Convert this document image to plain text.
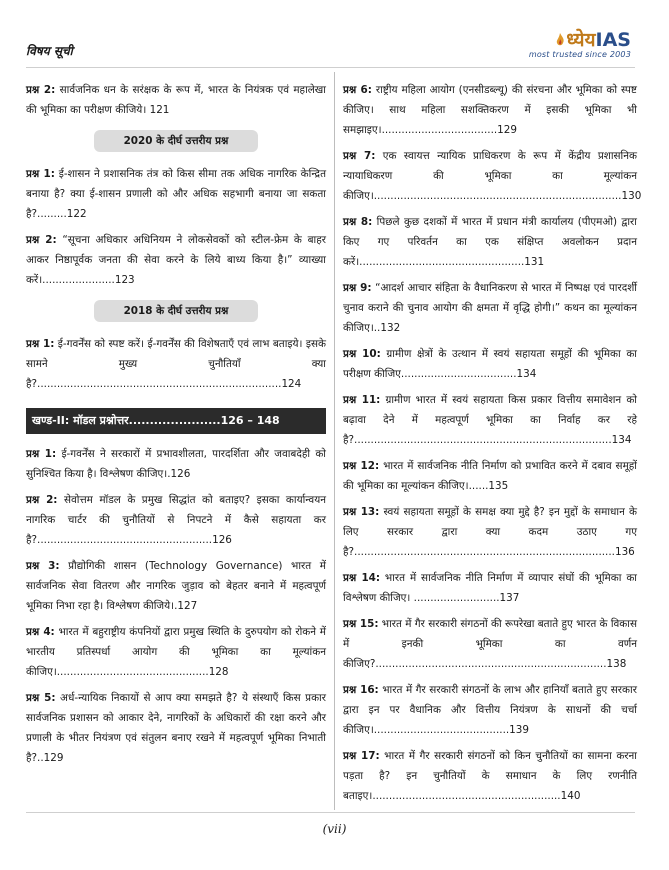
विषय सूची	ध्येयIAS
most trusted since 2003

प्रश्न 2: सार्वजनिक धन के सरंक्षक के रूप में, भारत के नियंत्रक एवं महालेखा की भूमिका का परीक्षण कीजिये। 121

2020 के दीर्घ उत्तरीय प्रश्न

प्रश्न 1: ई-शासन ने प्रशासनिक तंत्र को किस सीमा तक अधिक नागरिक केन्द्रित बनाया है? क्या ई-शासन प्रणाली को और अधिक सहभागी बनाया जा सकता है?.........122

प्रश्न 2: “सूचना अधिकार अधिनियम ने लोकसेवकों को स्टील-फ्रेम के बाहर आकर निष्ठापूर्वक जनता की सेवा करने के लिये बाध्य किया है।” व्याख्या करें।......................123

2018 के दीर्घ उत्तरीय प्रश्न

प्रश्न 1: ई-गवर्नेंस को स्पष्ट करें। ई-गवर्नेंस की विशेषताएँ एवं लाभ बताइये। इसके सामने मुख्य चुनौतियाँ क्या है?..........................................................................124

खण्ड-II: मॉडल प्रश्नोत्तर......................126 – 148

प्रश्न 1: ई-गवर्नेंस ने सरकारों में प्रभावशीलता, पारदर्शिता और जवाबदेही को सुनिश्चित किया है। विश्लेषण कीजिए।.126

प्रश्न 2: सेवोत्तम मॉडल के प्रमुख सिद्धांत को बताइए? इसका कार्यान्वयन नागरिक चार्टर की चुनौतियों से निपटने में कैसे सहायता कर है?.....................................................126

प्रश्न 3: प्रौद्योगिकी शासन (Technology Governance) भारत में सार्वजनिक सेवा वितरण और नागरिक जुड़ाव को बेहतर बनाने में महत्वपूर्ण भूमिका निभा रहा है। विश्लेषण कीजिये।.127

प्रश्न 4: भारत में बहुराष्ट्रीय कंपनियों द्वारा प्रमुख स्थिति के दुरुपयोग को रोकने में भारतीय प्रतिस्पर्धा आयोग की भूमिका का मूल्यांकन कीजिए।..............................................128

प्रश्न 5: अर्ध-न्यायिक निकायों से आप क्या समझते है? ये संस्थाएँ किस प्रकार सार्वजनिक प्रशासन को आकार देने, नागरिकों के अधिकारों की रक्षा करने और प्रणाली के भीतर नियंत्रण एवं संतुलन बनाए रखने में महत्वपूर्ण भूमिका निभाती है?..129

प्रश्न 6: राष्ट्रीय महिला आयोग (एनसीडब्ल्यू) की संरचना और भूमिका को स्पष्ट कीजिए। साथ महिला सशक्तिकरण में इसकी भूमिका भी समझाइए।...................................129

प्रश्न 7: एक स्वायत्त न्यायिक प्राधिकरण के रूप में केंद्रीय प्रशासनिक न्यायाधिकरण की भूमिका का मूल्यांकन कीजिए।...........................................................................130

प्रश्न 8: पिछले कुछ दशकों में भारत में प्रधान मंत्री कार्यालय (पीएमओ) द्वारा किए गए परिवर्तन का एक संक्षिप्त अवलोकन प्रदान करें।..................................................131

प्रश्न 9: “आदर्श आचार संहिता के वैधानिकरण से भारत में निष्पक्ष एवं पारदर्शी चुनाव कराने की चुनाव आयोग की क्षमता में वृद्धि होगी।” कथन का मूल्यांकन कीजिए।..132

प्रश्न 10: ग्रामीण क्षेत्रों के उत्थान में स्वयं सहायता समूहों की भूमिका का परीक्षण कीजिए...................................134

प्रश्न 11: ग्रामीण भारत में स्वयं सहायता किस प्रकार वित्तीय समावेशन को बढ़ावा देने में महत्वपूर्ण भूमिका का निर्वाह कर रहे है?..............................................................................134

प्रश्न 12: भारत में सार्वजनिक नीति निर्माण को प्रभावित करने में दबाव समूहों की भूमिका का मूल्यांकन कीजिए।......135

प्रश्न 13: स्वयं सहायता समूहों के समक्ष क्या मुद्दे है? इन मुद्दों के समाधान के लिए सरकार द्वारा क्या कदम उठाए गए है?...............................................................................136

प्रश्न 14: भारत में सार्वजनिक नीति निर्माण में व्यापार संघों की भूमिका का विश्लेषण कीजिए। ..........................137

प्रश्न 15: भारत में गैर सरकारी संगठनों की रूपरेखा बताते हुए भारत के विकास में इनकी भूमिका का वर्णन कीजिए?......................................................................138

प्रश्न 16: भारत में गैर सरकारी संगठनों के लाभ और हानियाँ बताते हुए सरकार द्वारा इन पर वैधानिक और वित्तीय नियंत्रण के साधनों की चर्चा कीजिए।.........................................139

प्रश्न 17: भारत में गैर सरकारी संगठनों को किन चुनौतियों का सामना करना पड़ता है? इन चुनौतियों के समाधान के लिए रणनीति बताइए।.........................................................140

(vii)
